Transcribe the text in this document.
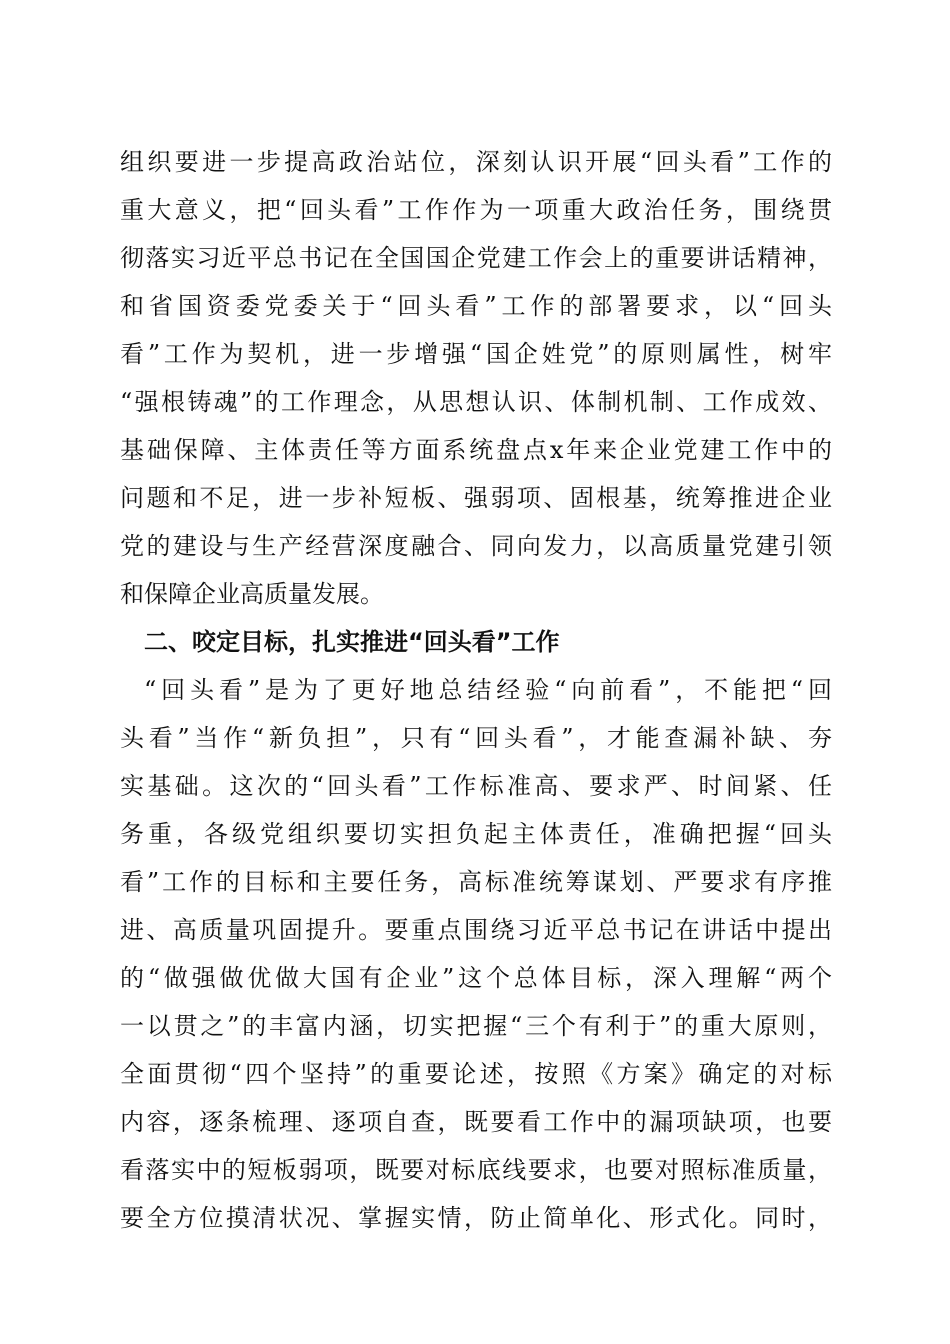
组织要进一步提高政治站位，深刻认识开展“回头看”工作的
重大意义，把“回头看”工作作为一项重大政治任务，围绕贯
彻落实习近平总书记在全国国企党建工作会上的重要讲话精神，
和省国资委党委关于“回头看”工作的部署要求，以“回头
看”工作为契机，进一步增强“国企姓党”的原则属性，树牢
“强根铸魂”的工作理念，从思想认识、体制机制、工作成效、
基础保障、主体责任等方面系统盘点x年来企业党建工作中的
问题和不足，进一步补短板、强弱项、固根基，统筹推进企业
党的建设与生产经营深度融合、同向发力，以高质量党建引领
和保障企业高质量发展。
二、咬定目标，扎实推进“回头看”工作
“回头看”是为了更好地总结经验“向前看”，不能把“回
头看”当作“新负担”，只有“回头看”，才能查漏补缺、夯
实基础。这次的“回头看”工作标准高、要求严、时间紧、任
务重，各级党组织要切实担负起主体责任，准确把握“回头
看”工作的目标和主要任务，高标准统筹谋划、严要求有序推
进、高质量巩固提升。要重点围绕习近平总书记在讲话中提出
的“做强做优做大国有企业”这个总体目标，深入理解“两个
一以贯之”的丰富内涵，切实把握“三个有利于”的重大原则，
全面贯彻“四个坚持”的重要论述，按照《方案》确定的对标
内容，逐条梳理、逐项自查，既要看工作中的漏项缺项，也要
看落实中的短板弱项，既要对标底线要求，也要对照标准质量，
要全方位摸清状况、掌握实情，防止简单化、形式化。同时，
